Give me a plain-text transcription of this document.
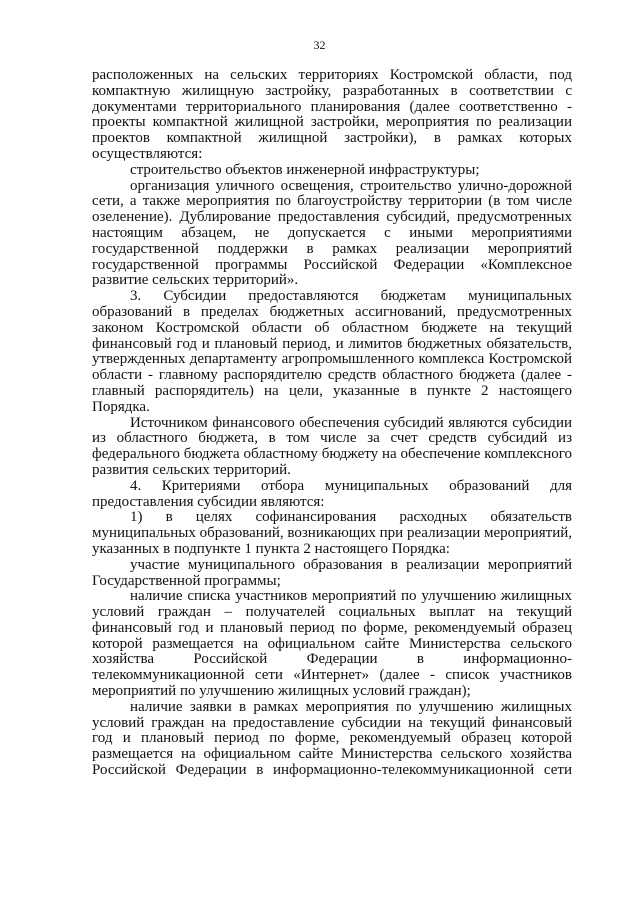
32

расположенных на сельских территориях Костромской области, под компактную жилищную застройку, разработанных в соответствии с документами территориального планирования (далее соответственно - проекты компактной жилищной застройки, мероприятия по реализации проектов компактной жилищной застройки), в рамках которых осуществляются:

строительство объектов инженерной инфраструктуры;

организация уличного освещения, строительство улично-дорожной сети, а также мероприятия по благоустройству территории (в том числе озеленение). Дублирование предоставления субсидий, предусмотренных настоящим абзацем, не допускается с иными мероприятиями государственной поддержки в рамках реализации мероприятий государственной программы Российской Федерации «Комплексное развитие сельских территорий».

3. Субсидии предоставляются бюджетам муниципальных образований в пределах бюджетных ассигнований, предусмотренных законом Костромской области об областном бюджете на текущий финансовый год и плановый период, и лимитов бюджетных обязательств, утвержденных департаменту агропромышленного комплекса Костромской области - главному распорядителю средств областного бюджета (далее - главный распорядитель) на цели, указанные в пункте 2 настоящего Порядка.

Источником финансового обеспечения субсидий являются субсидии из областного бюджета, в том числе за счет средств субсидий из федерального бюджета областному бюджету на обеспечение комплексного развития сельских территорий.

4. Критериями отбора муниципальных образований для предоставления субсидии являются:

1) в целях софинансирования расходных обязательств муниципальных образований, возникающих при реализации мероприятий, указанных в подпункте 1 пункта 2 настоящего Порядка:

участие муниципального образования в реализации мероприятий Государственной программы;

наличие списка участников мероприятий по улучшению жилищных условий граждан – получателей социальных выплат на текущий финансовый год и плановый период по форме, рекомендуемый образец которой размещается на официальном сайте Министерства сельского хозяйства Российской Федерации в информационно-телекоммуникационной сети «Интернет» (далее - список участников мероприятий по улучшению жилищных условий граждан);

наличие заявки в рамках мероприятия по улучшению жилищных условий граждан на предоставление субсидии на текущий финансовый год и плановый период по форме, рекомендуемый образец которой размещается на официальном сайте Министерства сельского хозяйства Российской Федерации в информационно-телекоммуникационной сети
